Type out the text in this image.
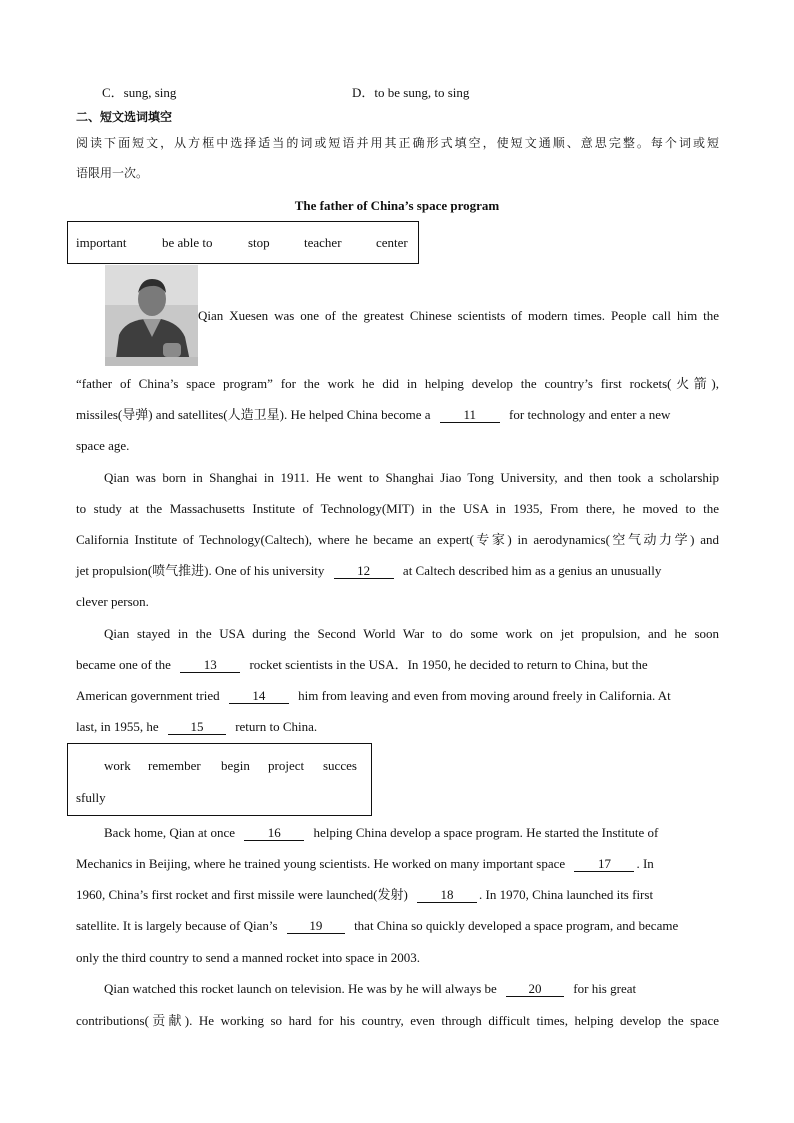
C．sung, sing	D．to be sung, to sing
二、短文选词填空
阅读下面短文，从方框中选择适当的词或短语并用其正确形式填空，使短文通顺、意思完整。每个词或短
语限用一次。
The father of China’s space program
important	be able to	stop	teacher	center
Qian Xuesen was one of the greatest Chinese scientists of modern times. People call him the
“father of China’s space program” for the work he did in helping develop the country’s first rockets(火箭),
missiles(导弹) and satellites(人造卫星). He helped China become a	11	for technology and enter a new
space age.
Qian was born in Shanghai in 1911. He went to Shanghai Jiao Tong University, and then took a scholarship
to study at the Massachusetts Institute of Technology(MIT) in the USA in 1935, From there, he moved to the
California Institute of Technology(Caltech), where he became an expert(专家) in aerodynamics(空气动力学) and
jet propulsion(喷气推进). One of his university	12	at Caltech described him as a genius an unusually
clever person.
Qian stayed in the USA during the Second World War to do some work on jet propulsion, and he soon
became one of the	13	rocket scientists in the USA．In 1950, he decided to return to China, but the
American government tried	14	him from leaving and even from moving around freely in California. At
last, in 1955, he 15 return to China.
work remember begin project succes
sfully
Back home, Qian at once	16	helping China develop a space program. He started the Institute of
Mechanics in Beijing, where he trained young scientists. He worked on many important space	17 . In
1960, China’s first rocket and first missile were launched(发射)	18 . In 1970, China launched its first
satellite. It is largely because of Qian’s 19 that China so quickly developed a space program, and became
only the third country to send a manned rocket into space in 2003.
Qian watched this rocket launch on television. He was by he will always be 20 for his great
contributions(贡献). He working so hard for his country, even through difficult times, helping develop the space
